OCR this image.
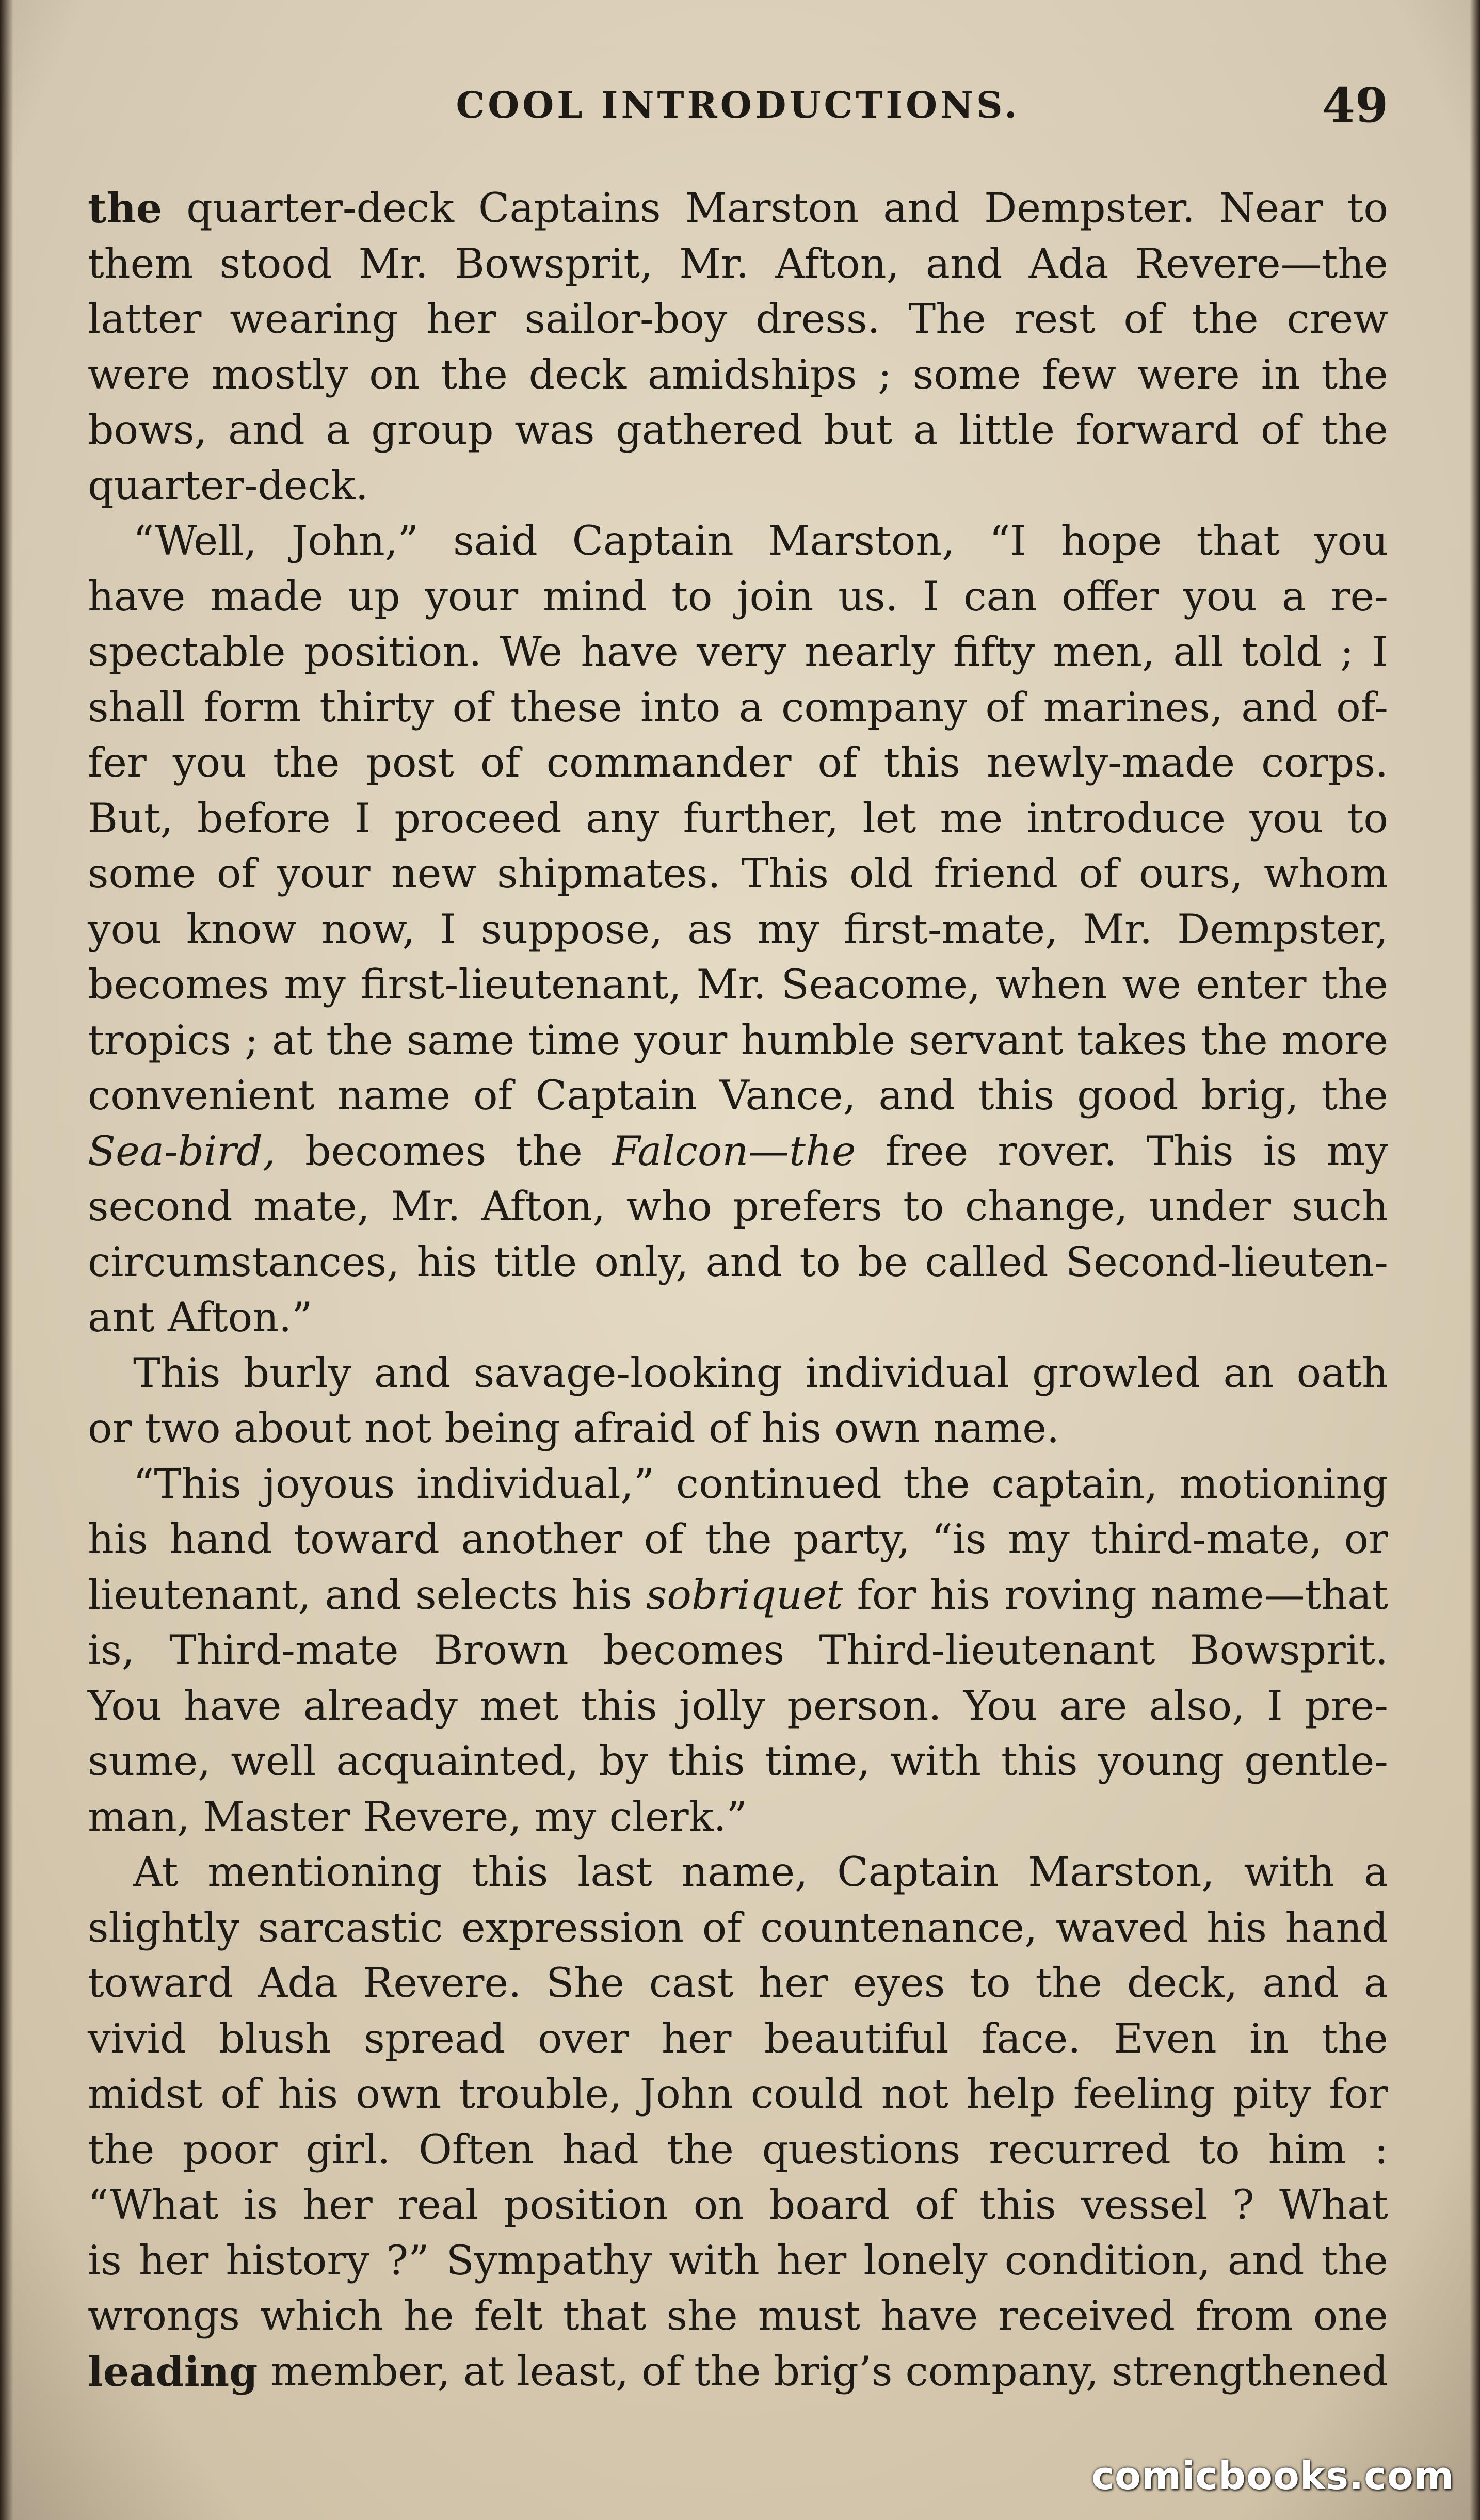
COOL INTRODUCTIONS.	49
the quarter-deck Captains Marston and Dempster. Near to
them stood Mr. Bowsprit, Mr. Afton, and Ada Revere—the
latter wearing her sailor-boy dress. The rest of the crew
were mostly on the deck amidships ; some few were in the
bows, and a group was gathered but a little forward of the
quarter-deck.
“Well, John,” said Captain Marston, “I hope that you
have made up your mind to join us. I can offer you a re-
spectable position. We have very nearly fifty men, all told ; I
shall form thirty of these into a company of marines, and of-
fer you the post of commander of this newly-made corps.
But, before I proceed any further, let me introduce you to
some of your new shipmates. This old friend of ours, whom
you know now, I suppose, as my first-mate, Mr. Dempster,
becomes my first-lieutenant, Mr. Seacome, when we enter the
tropics ; at the same time your humble servant takes the more
convenient name of Captain Vance, and this good brig, the
Sea-bird, becomes the Falcon—the free rover. This is my
second mate, Mr. Afton, who prefers to change, under such
circumstances, his title only, and to be called Second-lieuten-
ant Afton.”
This burly and savage-looking individual growled an oath
or two about not being afraid of his own name.
“This joyous individual,” continued the captain, motioning
his hand toward another of the party, “is my third-mate, or
lieutenant, and selects his sobriquet for his roving name—that
is, Third-mate Brown becomes Third-lieutenant Bowsprit.
You have already met this jolly person. You are also, I pre-
sume, well acquainted, by this time, with this young gentle-
man, Master Revere, my clerk.”
At mentioning this last name, Captain Marston, with a
slightly sarcastic expression of countenance, waved his hand
toward Ada Revere. She cast her eyes to the deck, and a
vivid blush spread over her beautiful face. Even in the
midst of his own trouble, John could not help feeling pity for
the poor girl. Often had the questions recurred to him :
“What is her real position on board of this vessel ? What
is her history ?” Sympathy with her lonely condition, and the
wrongs which he felt that she must have received from one
leading member, at least, of the brig’s company, strengthened
comicbooks.com
